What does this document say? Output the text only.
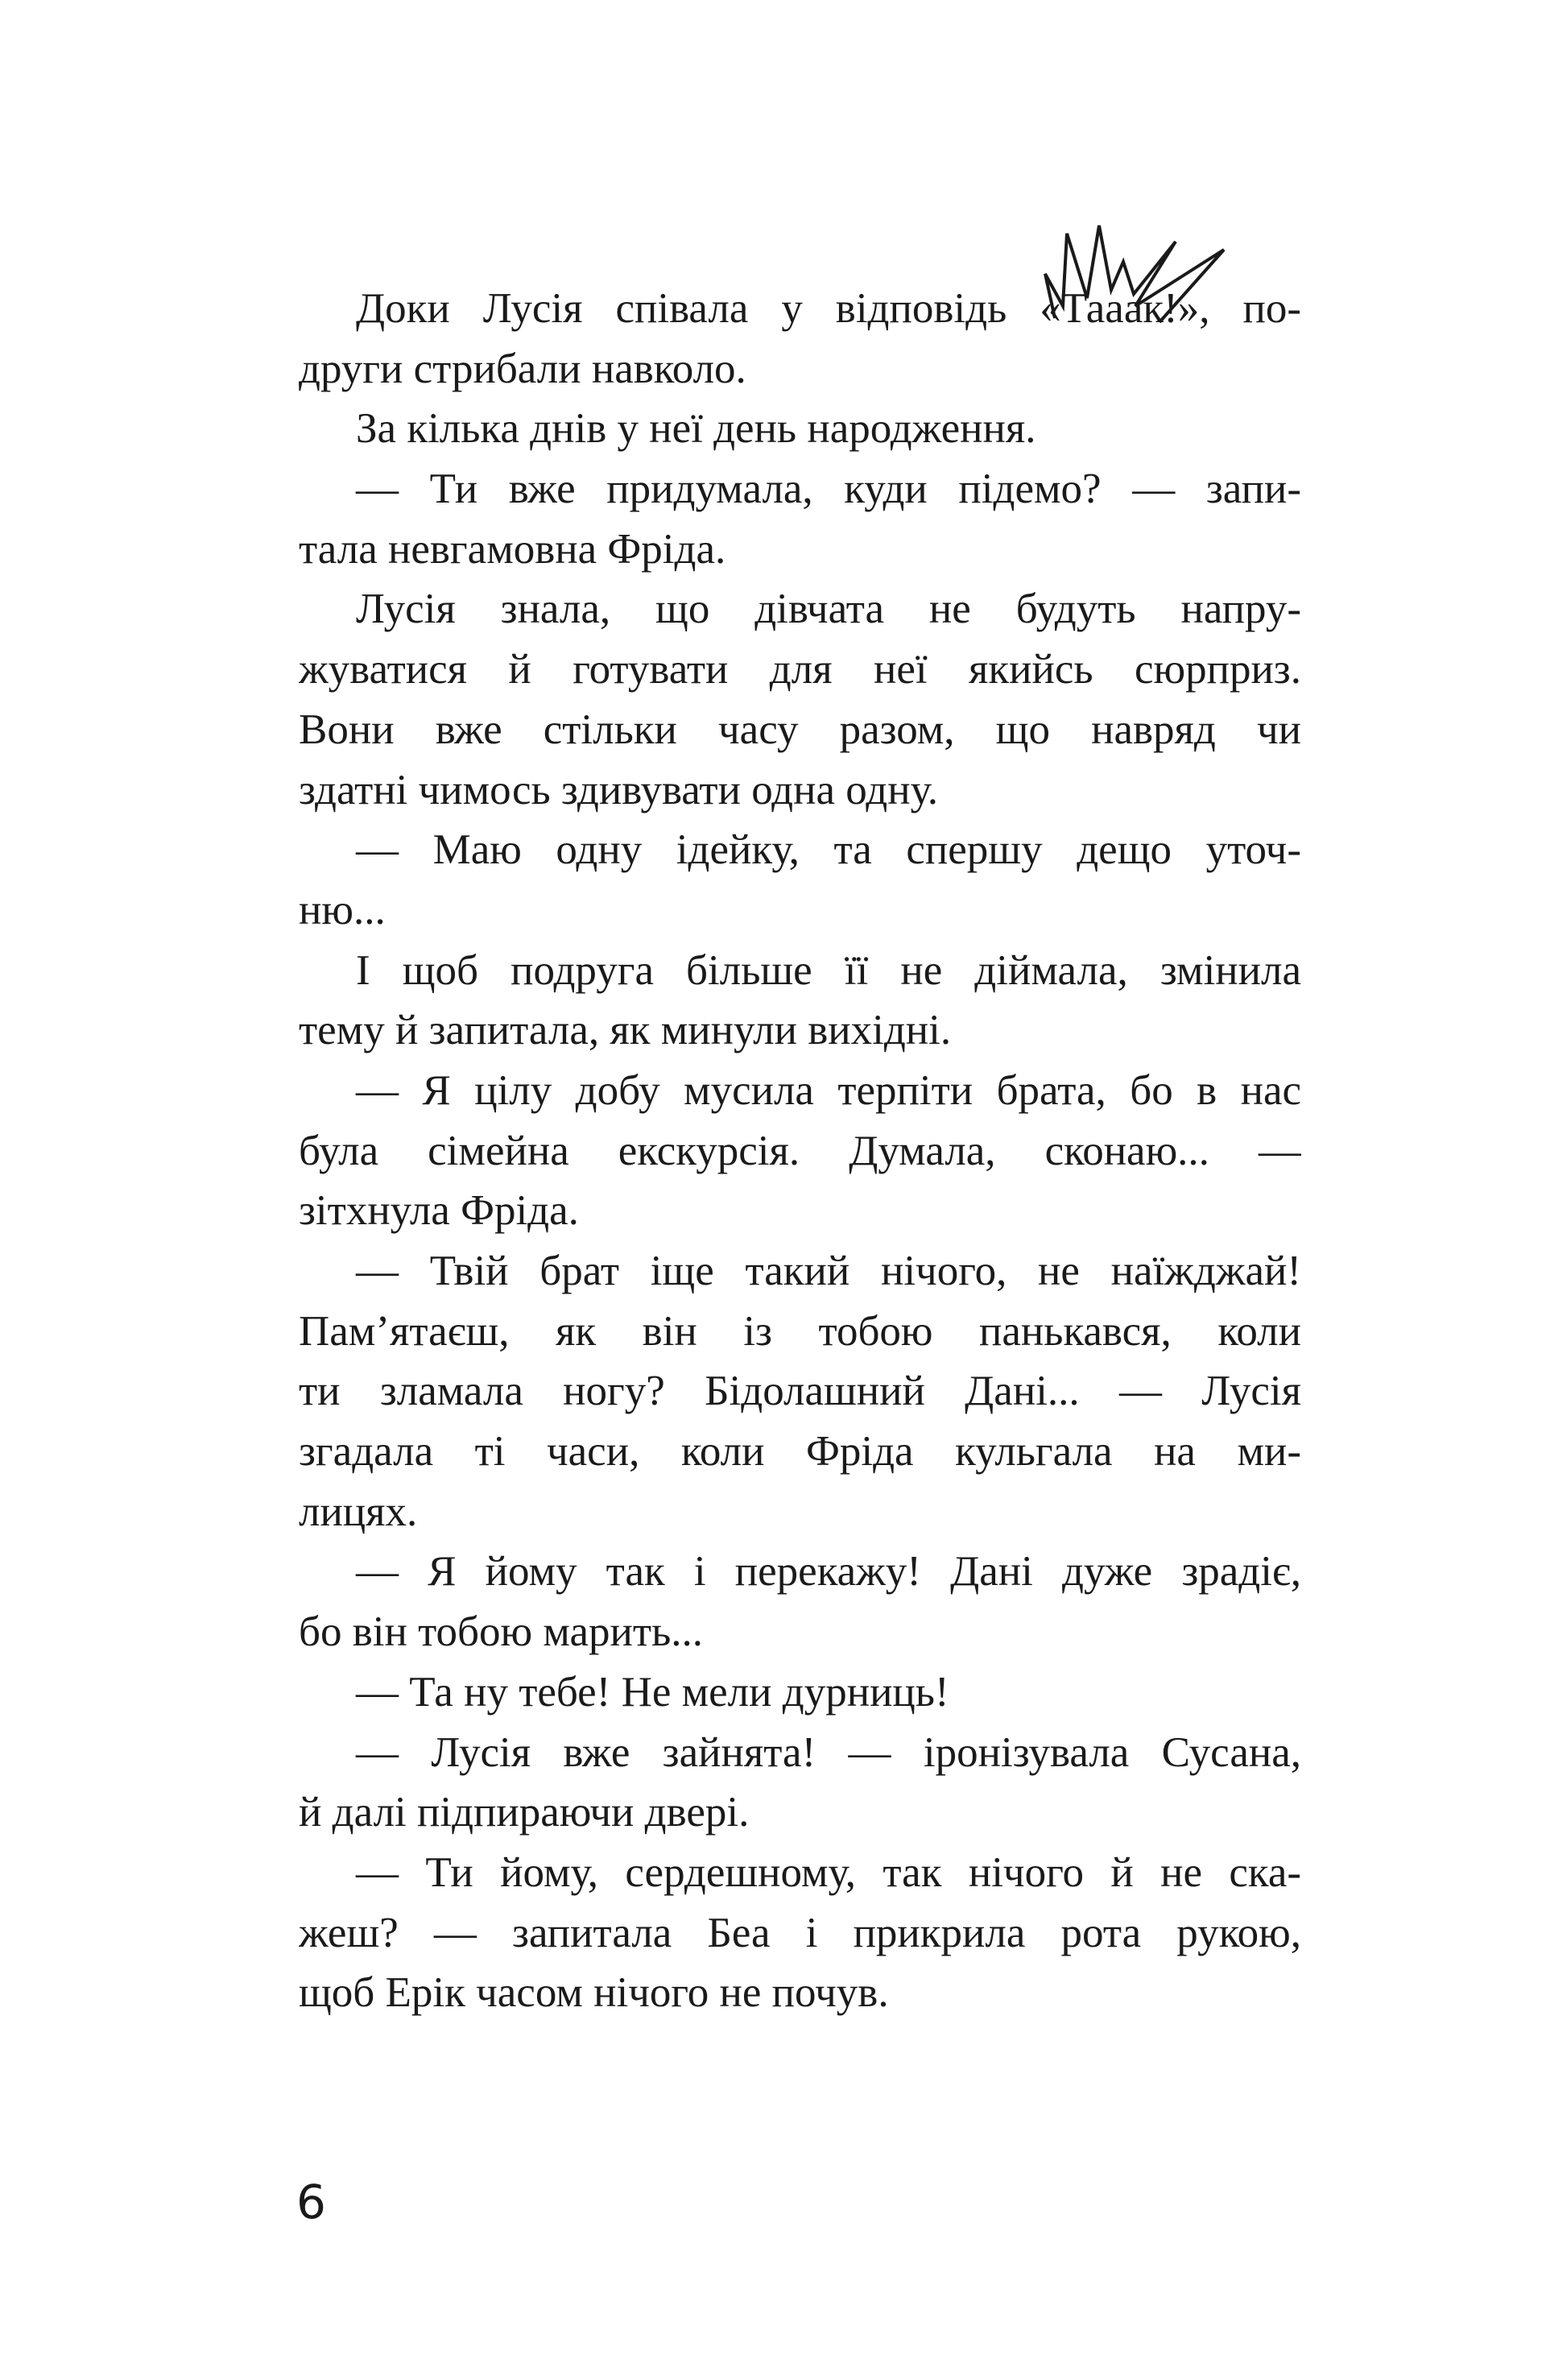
Доки Лусія співала у відповідь «Тааак!», по-
други стрибали навколо.
За кілька днів у неї день народження.
— Ти вже придумала, куди підемо? — запи-
тала невгамовна Фріда.
Лусія знала, що дівчата не будуть напру-
жуватися й готувати для неї якийсь сюрприз.
Вони вже стільки часу разом, що навряд чи
здатні чимось здивувати одна одну.
— Маю одну ідейку, та спершу дещо уточ-
ню...
І щоб подруга більше її не діймала, змінила
тему й запитала, як минули вихідні.
— Я цілу добу мусила терпіти брата, бо в нас
була сімейна екскурсія. Думала, сконаю... —
зітхнула Фріда.
— Твій брат іще такий нічого, не наїжджай!
Пам’ятаєш, як він із тобою панькався, коли
ти зламала ногу? Бідолашний Дані... — Лусія
згадала ті часи, коли Фріда кульгала на ми-
лицях.
— Я йому так і перекажу! Дані дуже зрадіє,
бо він тобою марить...
— Та ну тебе! Не мели дурниць!
— Лусія вже зайнята! — іронізувала Сусана,
й далі підпираючи двері.
— Ти йому, сердешному, так нічого й не ска-
жеш? — запитала Беа і прикрила рота рукою,
щоб Ерік часом нічого не почув.
6
